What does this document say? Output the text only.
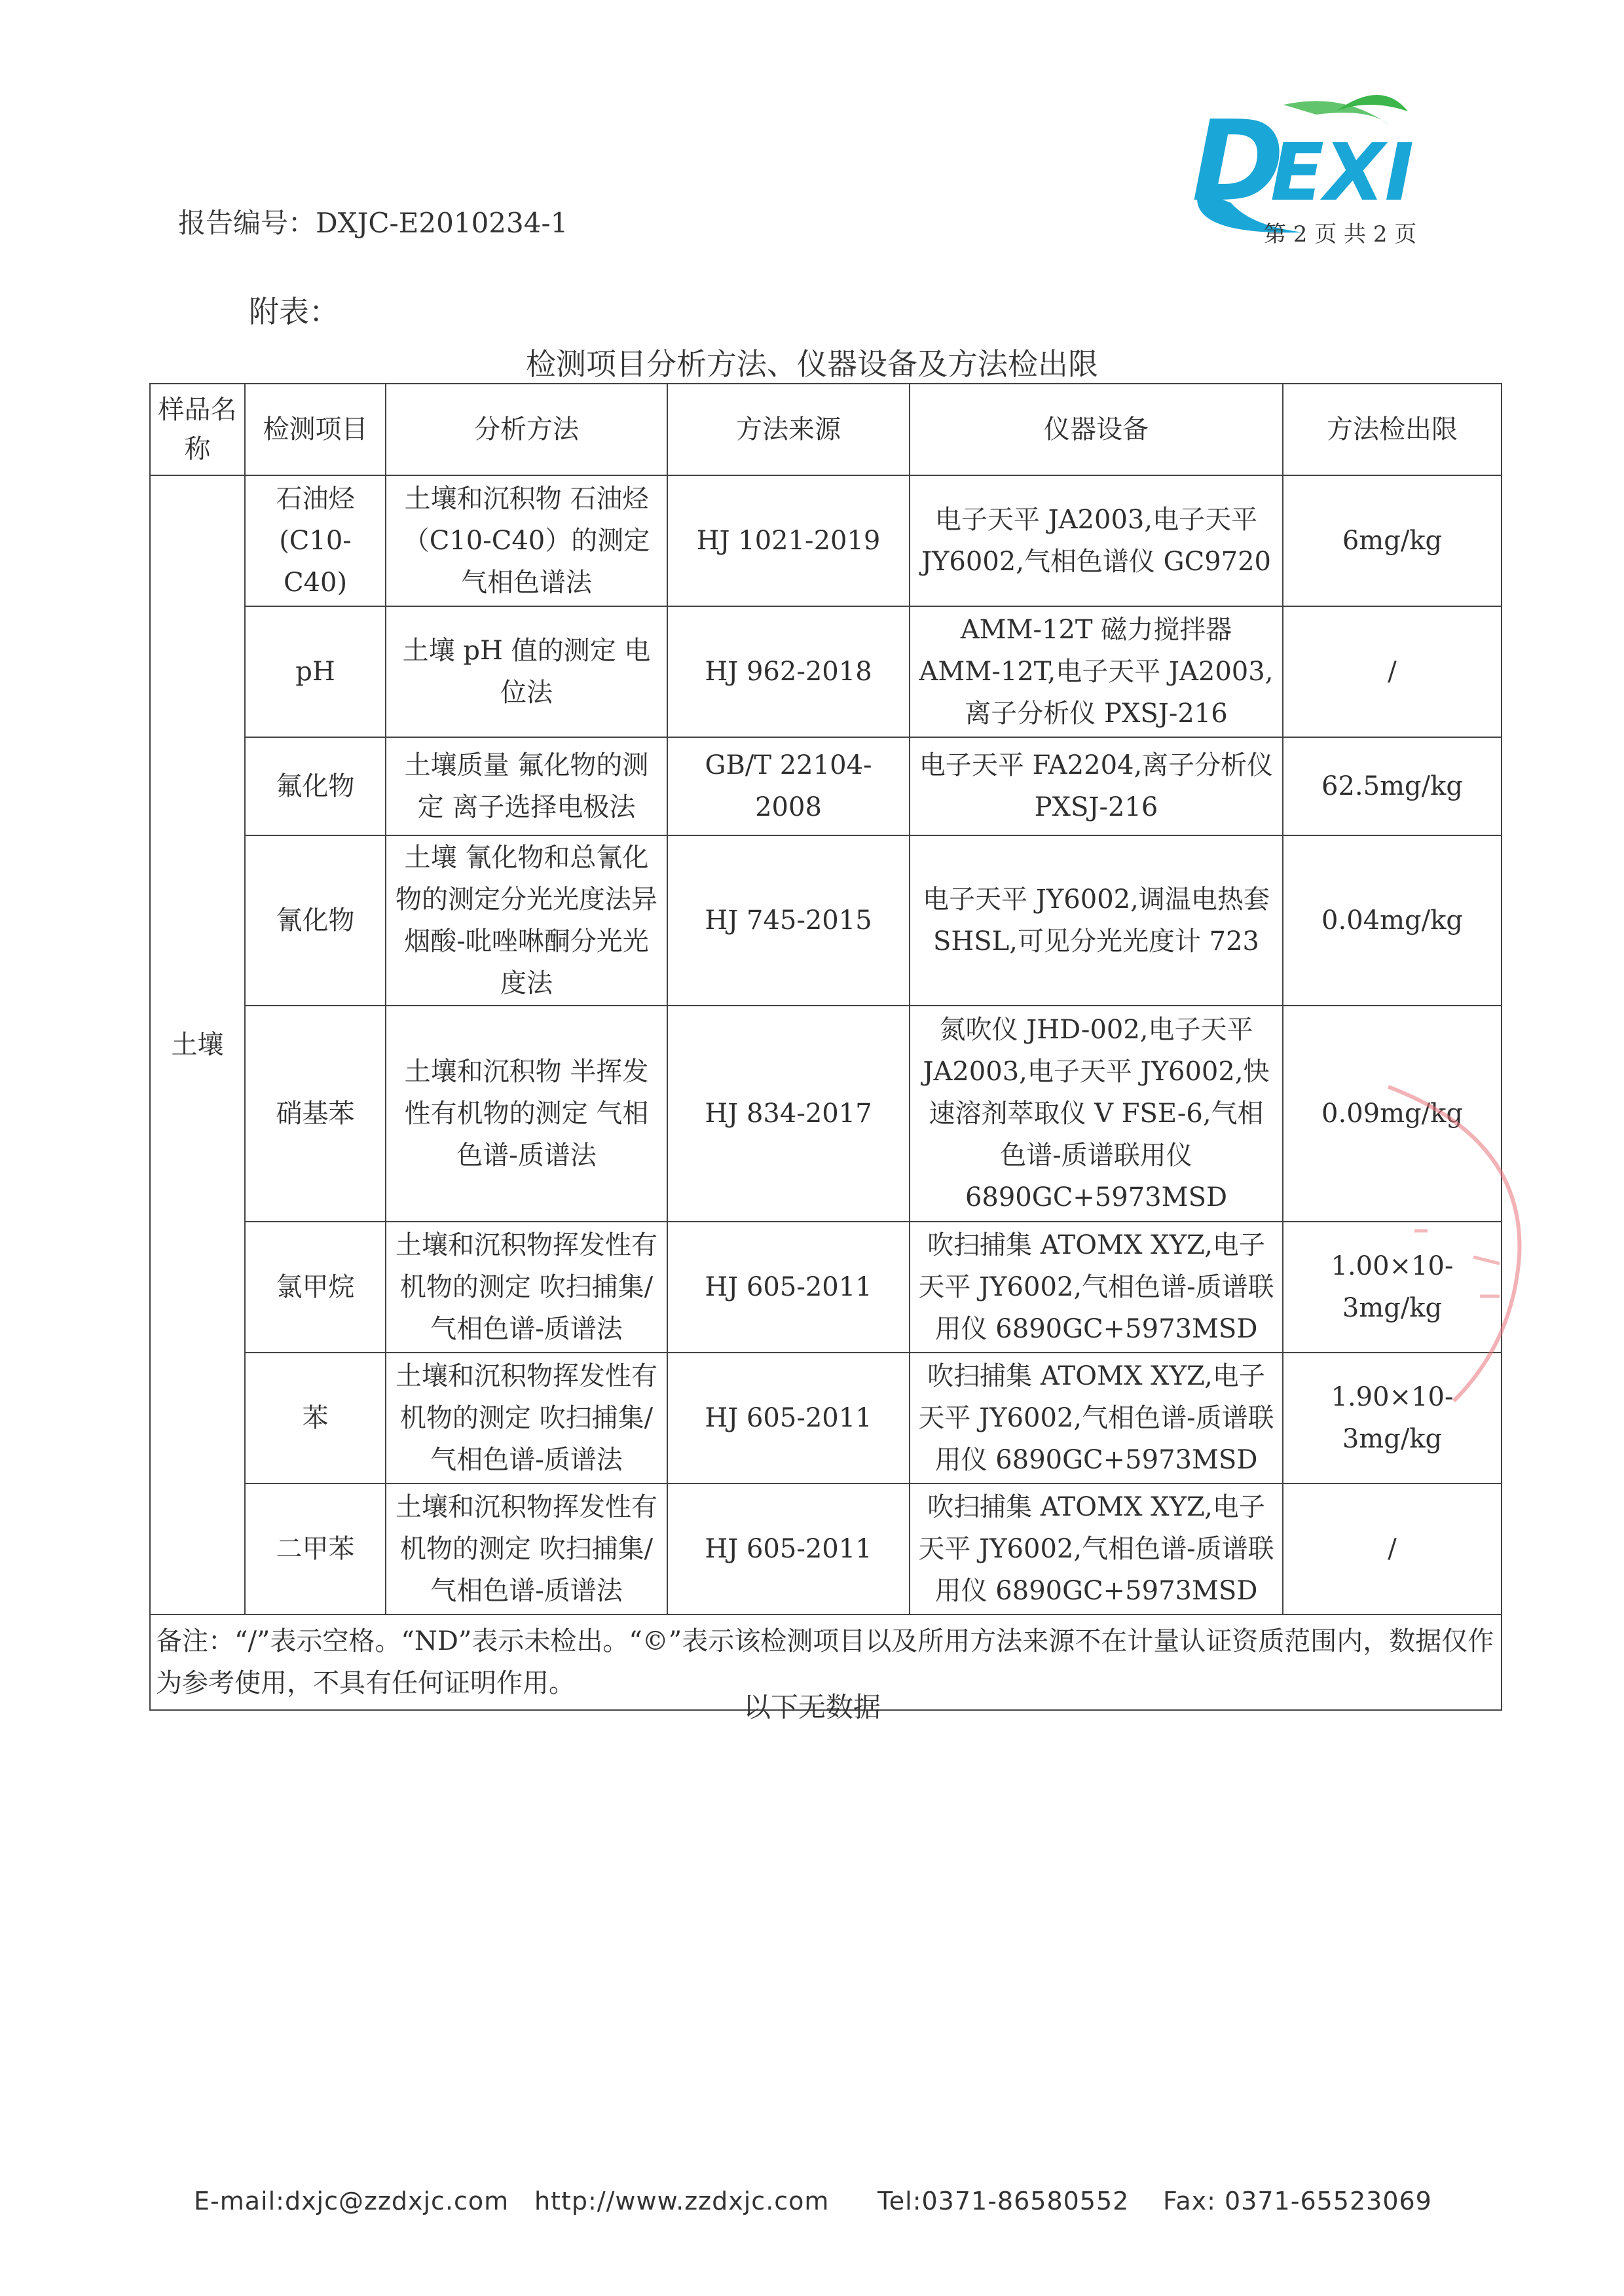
报告编号：DXJC-E2010234-1	D
EXI
第 2 页 共 2 页
附表：
检测项目分析方法、仪器设备及方法检出限
样品名称	检测项目	分析方法	方法来源	仪器设备	方法检出限
土壤	石油烃(C10-C40)	土壤和沉积物 石油烃（C10-C40）的测定 气相色谱法	HJ 1021-2019	电子天平 JA2003,电子天平 JY6002,气相色谱仪 GC9720	6mg/kg
	pH	土壤 pH 值的测定 电位法	HJ 962-2018	AMM-12T 磁力搅拌器 AMM-12T,电子天平 JA2003,离子分析仪 PXSJ-216	/
	氟化物	土壤质量 氟化物的测定 离子选择电极法	GB/T 22104-2008	电子天平 FA2204,离子分析仪 PXSJ-216	62.5mg/kg
	氰化物	土壤 氰化物和总氰化物的测定分光光度法异烟酸-吡唑啉酮分光光度法	HJ 745-2015	电子天平 JY6002,调温电热套 SHSL,可见分光光度计 723	0.04mg/kg
	硝基苯	土壤和沉积物 半挥发性有机物的测定 气相色谱-质谱法	HJ 834-2017	氮吹仪 JHD-002,电子天平 JA2003,电子天平 JY6002,快速溶剂萃取仪 V FSE-6,气相色谱-质谱联用仪 6890GC+5973MSD	0.09mg/kg
	氯甲烷	土壤和沉积物挥发性有机物的测定 吹扫捕集/气相色谱-质谱法	HJ 605-2011	吹扫捕集 ATOMX XYZ,电子天平 JY6002,气相色谱-质谱联用仪 6890GC+5973MSD	1.00×10-3mg/kg
	苯	土壤和沉积物挥发性有机物的测定 吹扫捕集/气相色谱-质谱法	HJ 605-2011	吹扫捕集 ATOMX XYZ,电子天平 JY6002,气相色谱-质谱联用仪 6890GC+5973MSD	1.90×10-3mg/kg
	二甲苯	土壤和沉积物挥发性有机物的测定 吹扫捕集/气相色谱-质谱法	HJ 605-2011	吹扫捕集 ATOMX XYZ,电子天平 JY6002,气相色谱-质谱联用仪 6890GC+5973MSD	/
备注：“/”表示空格。“ND”表示未检出。“©”表示该检测项目以及所用方法来源不在计量认证资质范围内，数据仅作为参考使用，不具有任何证明作用。					
以下无数据
E-mail:dxjc@zzdxjc.com http://www.zzdxjc.com Tel:0371-86580552 Fax: 0371-65523069
